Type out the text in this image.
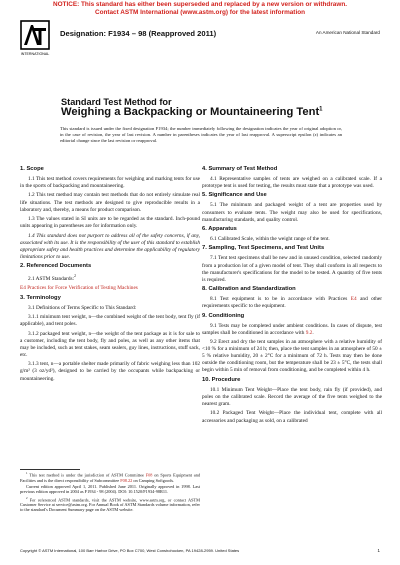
NOTICE: This standard has either been superseded and replaced by a new version or withdrawn.
Contact ASTM International (www.astm.org) for the latest information
INTERNATIONAL
Designation: F1934 – 98 (Reapproved 2011)	An American National Standard
Standard Test Method for
Weighing a Backpacking or Mountaineering Tent$^1$
This standard is issued under the fixed designation F1934; the number immediately following the designation indicates the year of original adoption or, in the case of revision, the year of last revision. A number in parentheses indicates the year of last reapproval. A superscript epsilon (ε) indicates an editorial change since the last revision or reapproval.
1. Scope

1.1 This test method covers requirements for weighing and marking tents for use in the sports of backpacking and mountaineering.

1.2 This test method may contain test methods that do not entirely simulate real life situations. The test methods are designed to give reproducible results in a laboratory and, thereby, a means for product comparison.

1.3 The values stated in SI units are to be regarded as the standard. Inch-pound units appearing in parentheses are for information only.

1.4 This standard does not purport to address all of the safety concerns, if any, associated with its use. It is the responsibility of the user of this standard to establish appropriate safety and health practices and determine the applicability of regulatory limitations prior to use.

2. Referenced Documents

2.1 ASTM Standards:$^2$

E4 Practices for Force Verification of Testing Machines

3. Terminology

3.1 Definitions of Terms Specific to This Standard:

3.1.1 minimum tent weight, n—the combined weight of the tent body, tent fly (if applicable), and tent poles.

3.1.2 packaged tent weight, n—the weight of the tent package as it is for sale to a customer, including the tent body, fly and poles, as well as any other items that may be included, such as tent stakes, seam sealers, guy lines, instructions, stuff sack, etc.

3.1.3 tent, n—a portable shelter made primarily of fabric weighing less than 102 g/m² (3 oz/yd²), designed to be carried by the occupants while backpacking or mountaineering.

4. Summary of Test Method

4.1 Representative samples of tents are weighed on a calibrated scale. If a prototype tent is used for testing, the results must state that a prototype was used.

5. Significance and Use

5.1 The minimum and packaged weight of a tent are properties used by consumers to evaluate tents. The weight may also be used for specifications, manufacturing standards, and quality control.

6. Apparatus

6.1 Calibrated Scale, within the weight range of the tent.

7. Sampling, Test Specimens, and Test Units

7.1 Tent test specimens shall be new and in unused condition, selected randomly from a production lot of a given model of tent. They shall conform in all respects to the manufacturer's specifications for the model to be tested. A quantity of five tents is required.

8. Calibration and Standardization

8.1 Test equipment is to be in accordance with Practices E4 and other requirements specific to the equipment.

9. Conditioning

9.1 Tests may be completed under ambient conditions. In cases of dispute, test samples shall be conditioned in accordance with 9.2.

9.2 Erect and dry the tent samples in an atmosphere with a relative humidity of <10 % for a minimum of 24 h; then, place the tent samples in an atmosphere of 50 ± 5 % relative humidity, 20 ± 2°C for a minimum of 72 h. Tests may then be done outside the conditioning room, but the temperature shall be 23 ± 5°C, the tests shall begin within 5 min of removal from conditioning, and be completed within 4 h.

10. Procedure

10.1 Minimum Tent Weight—Place the tent body, rain fly (if provided), and poles on the calibrated scale. Record the average of the five tents weighed to the nearest gram.

10.2 Packaged Tent Weight—Place the individual tent, complete with all accessories and packaging as sold, on a calibrated

$^1$ This test method is under the jurisdiction of ASTM Committee F08 on Sports Equipment and Facilities and is the direct responsibility of Subcommittee F08.22 on Camping Softgoods.

Current edition approved April 1, 2011. Published June 2011. Originally approved in 1998. Last previous edition approved in 2004 as F1934 - 98 (2004). DOI: 10.1520/F1934-98R11.

$^2$ For referenced ASTM standards, visit the ASTM website, www.astm.org, or contact ASTM Customer Service at service@astm.org. For Annual Book of ASTM Standards volume information, refer to the standard's Document Summary page on the ASTM website.

Copyright © ASTM International, 100 Barr Harbor Drive, PO Box C700, West Conshohocken, PA 19428-2959. United States	1
